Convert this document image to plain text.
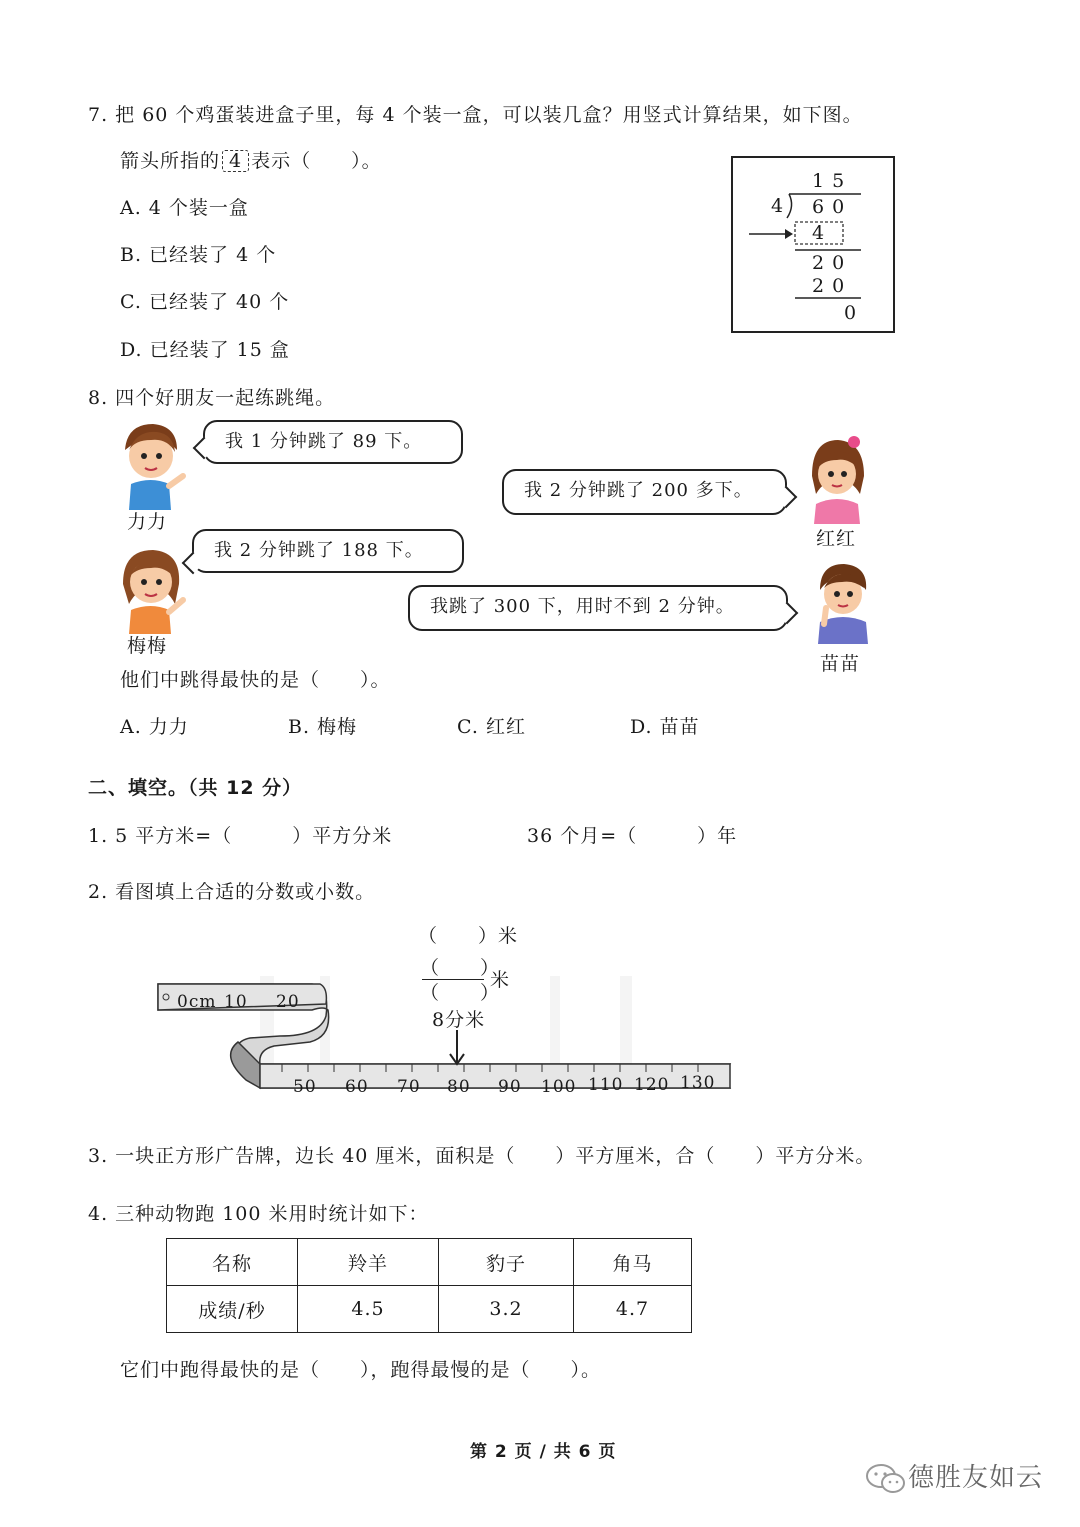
7. 把 60 个鸡蛋装进盒子里，每 4 个装一盒，可以装几盒？用竖式计算结果，如下图。
箭头所指的 4 表示（　　）。
A. 4 个装一盒
B. 已经装了 4 个
C. 已经装了 40 个
D. 已经装了 15 盒
1 5
4 6 0
4
2 0
2 0
0
8. 四个好朋友一起练跳绳。
力力
梅梅
红红
苗苗
我 1 分钟跳了 89 下。
我 2 分钟跳了 200 多下。
我 2 分钟跳了 188 下。
我跳了 300 下，用时不到 2 分钟。
他们中跳得最快的是（　　）。
A. 力力	B. 梅梅	C. 红红	D. 苗苗
二、填空。（共 12 分）
1. 5 平方米=（　　　）平方分米	36 个月=（　　　）年
2. 看图填上合适的分数或小数。
（　　）米
（　　）
（　　）
米
8分米
0cm 10 20
50 60 70 80 90 100 110 120 130
3. 一块正方形广告牌，边长 40 厘米，面积是（　　）平方厘米，合（　　）平方分米。
4. 三种动物跑 100 米用时统计如下：
名称	羚羊	豹子	角马
成绩/秒	4.5	3.2	4.7
它们中跑得最快的是（　　），跑得最慢的是（　　）。
第 2 页 / 共 6 页
德胜友如云
